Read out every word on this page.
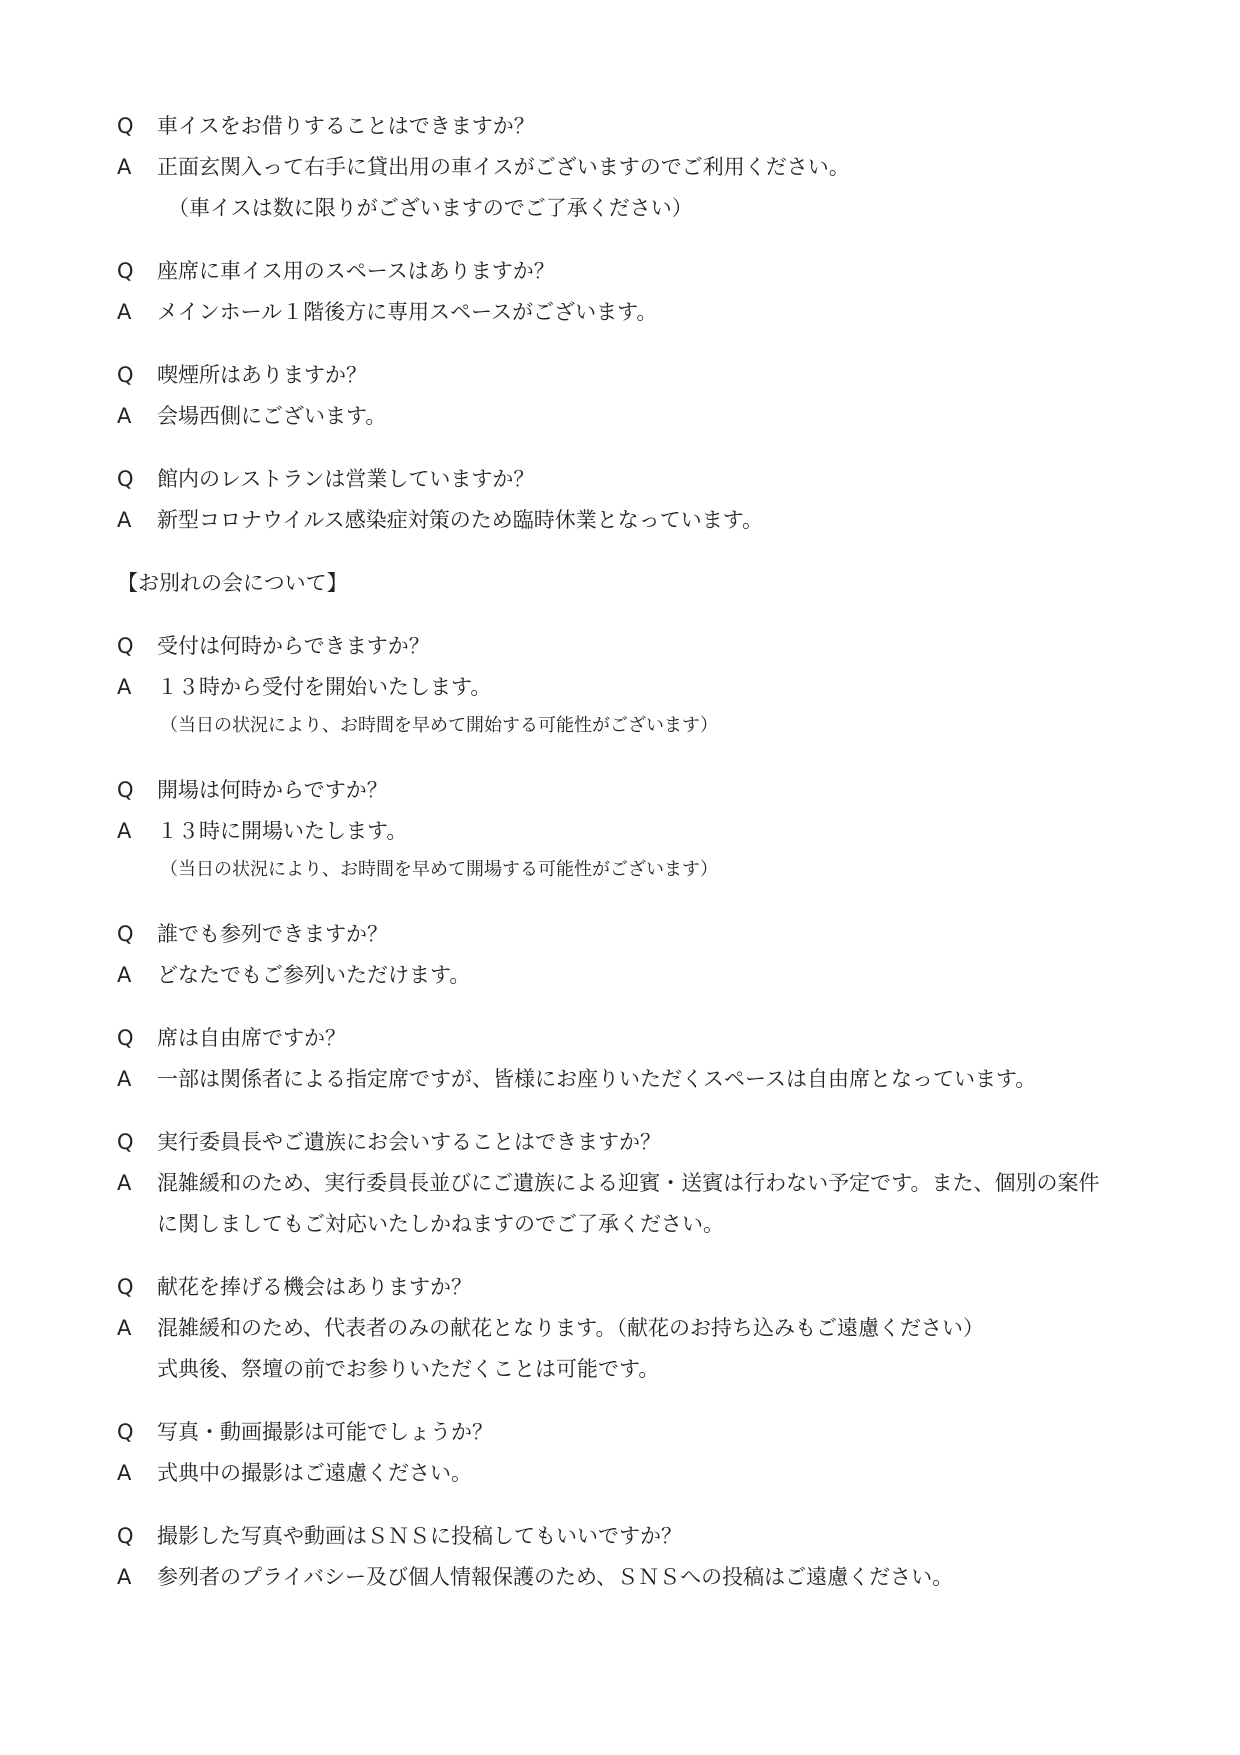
Q	車イスをお借りすることはできますか？
A	正面玄関入って右手に貸出用の車イスがございますのでご利用ください。
（車イスは数に限りがございますのでご了承ください）
Q	座席に車イス用のスペースはありますか？
A	メインホール１階後方に専用スペースがございます。
Q	喫煙所はありますか？
A	会場西側にございます。
Q	館内のレストランは営業していますか？
A	新型コロナウイルス感染症対策のため臨時休業となっています。
【お別れの会について】
Q	受付は何時からできますか？
A	１３時から受付を開始いたします。
（当日の状況により、お時間を早めて開始する可能性がございます）
Q	開場は何時からですか？
A	１３時に開場いたします。
（当日の状況により、お時間を早めて開場する可能性がございます）
Q	誰でも参列できますか？
A	どなたでもご参列いただけます。
Q	席は自由席ですか？
A	一部は関係者による指定席ですが、皆様にお座りいただくスペースは自由席となっています。
Q	実行委員長やご遺族にお会いすることはできますか？
A	混雑緩和のため、実行委員長並びにご遺族による迎賓・送賓は行わない予定です。また、個別の案件
に関しましてもご対応いたしかねますのでご了承ください。
Q	献花を捧げる機会はありますか？
A	混雑緩和のため、代表者のみの献花となります。（献花のお持ち込みもご遠慮ください）
式典後、祭壇の前でお参りいただくことは可能です。
Q	写真・動画撮影は可能でしょうか？
A	式典中の撮影はご遠慮ください。
Q	撮影した写真や動画はＳＮＳに投稿してもいいですか？
A	参列者のプライバシー及び個人情報保護のため、ＳＮＳへの投稿はご遠慮ください。
